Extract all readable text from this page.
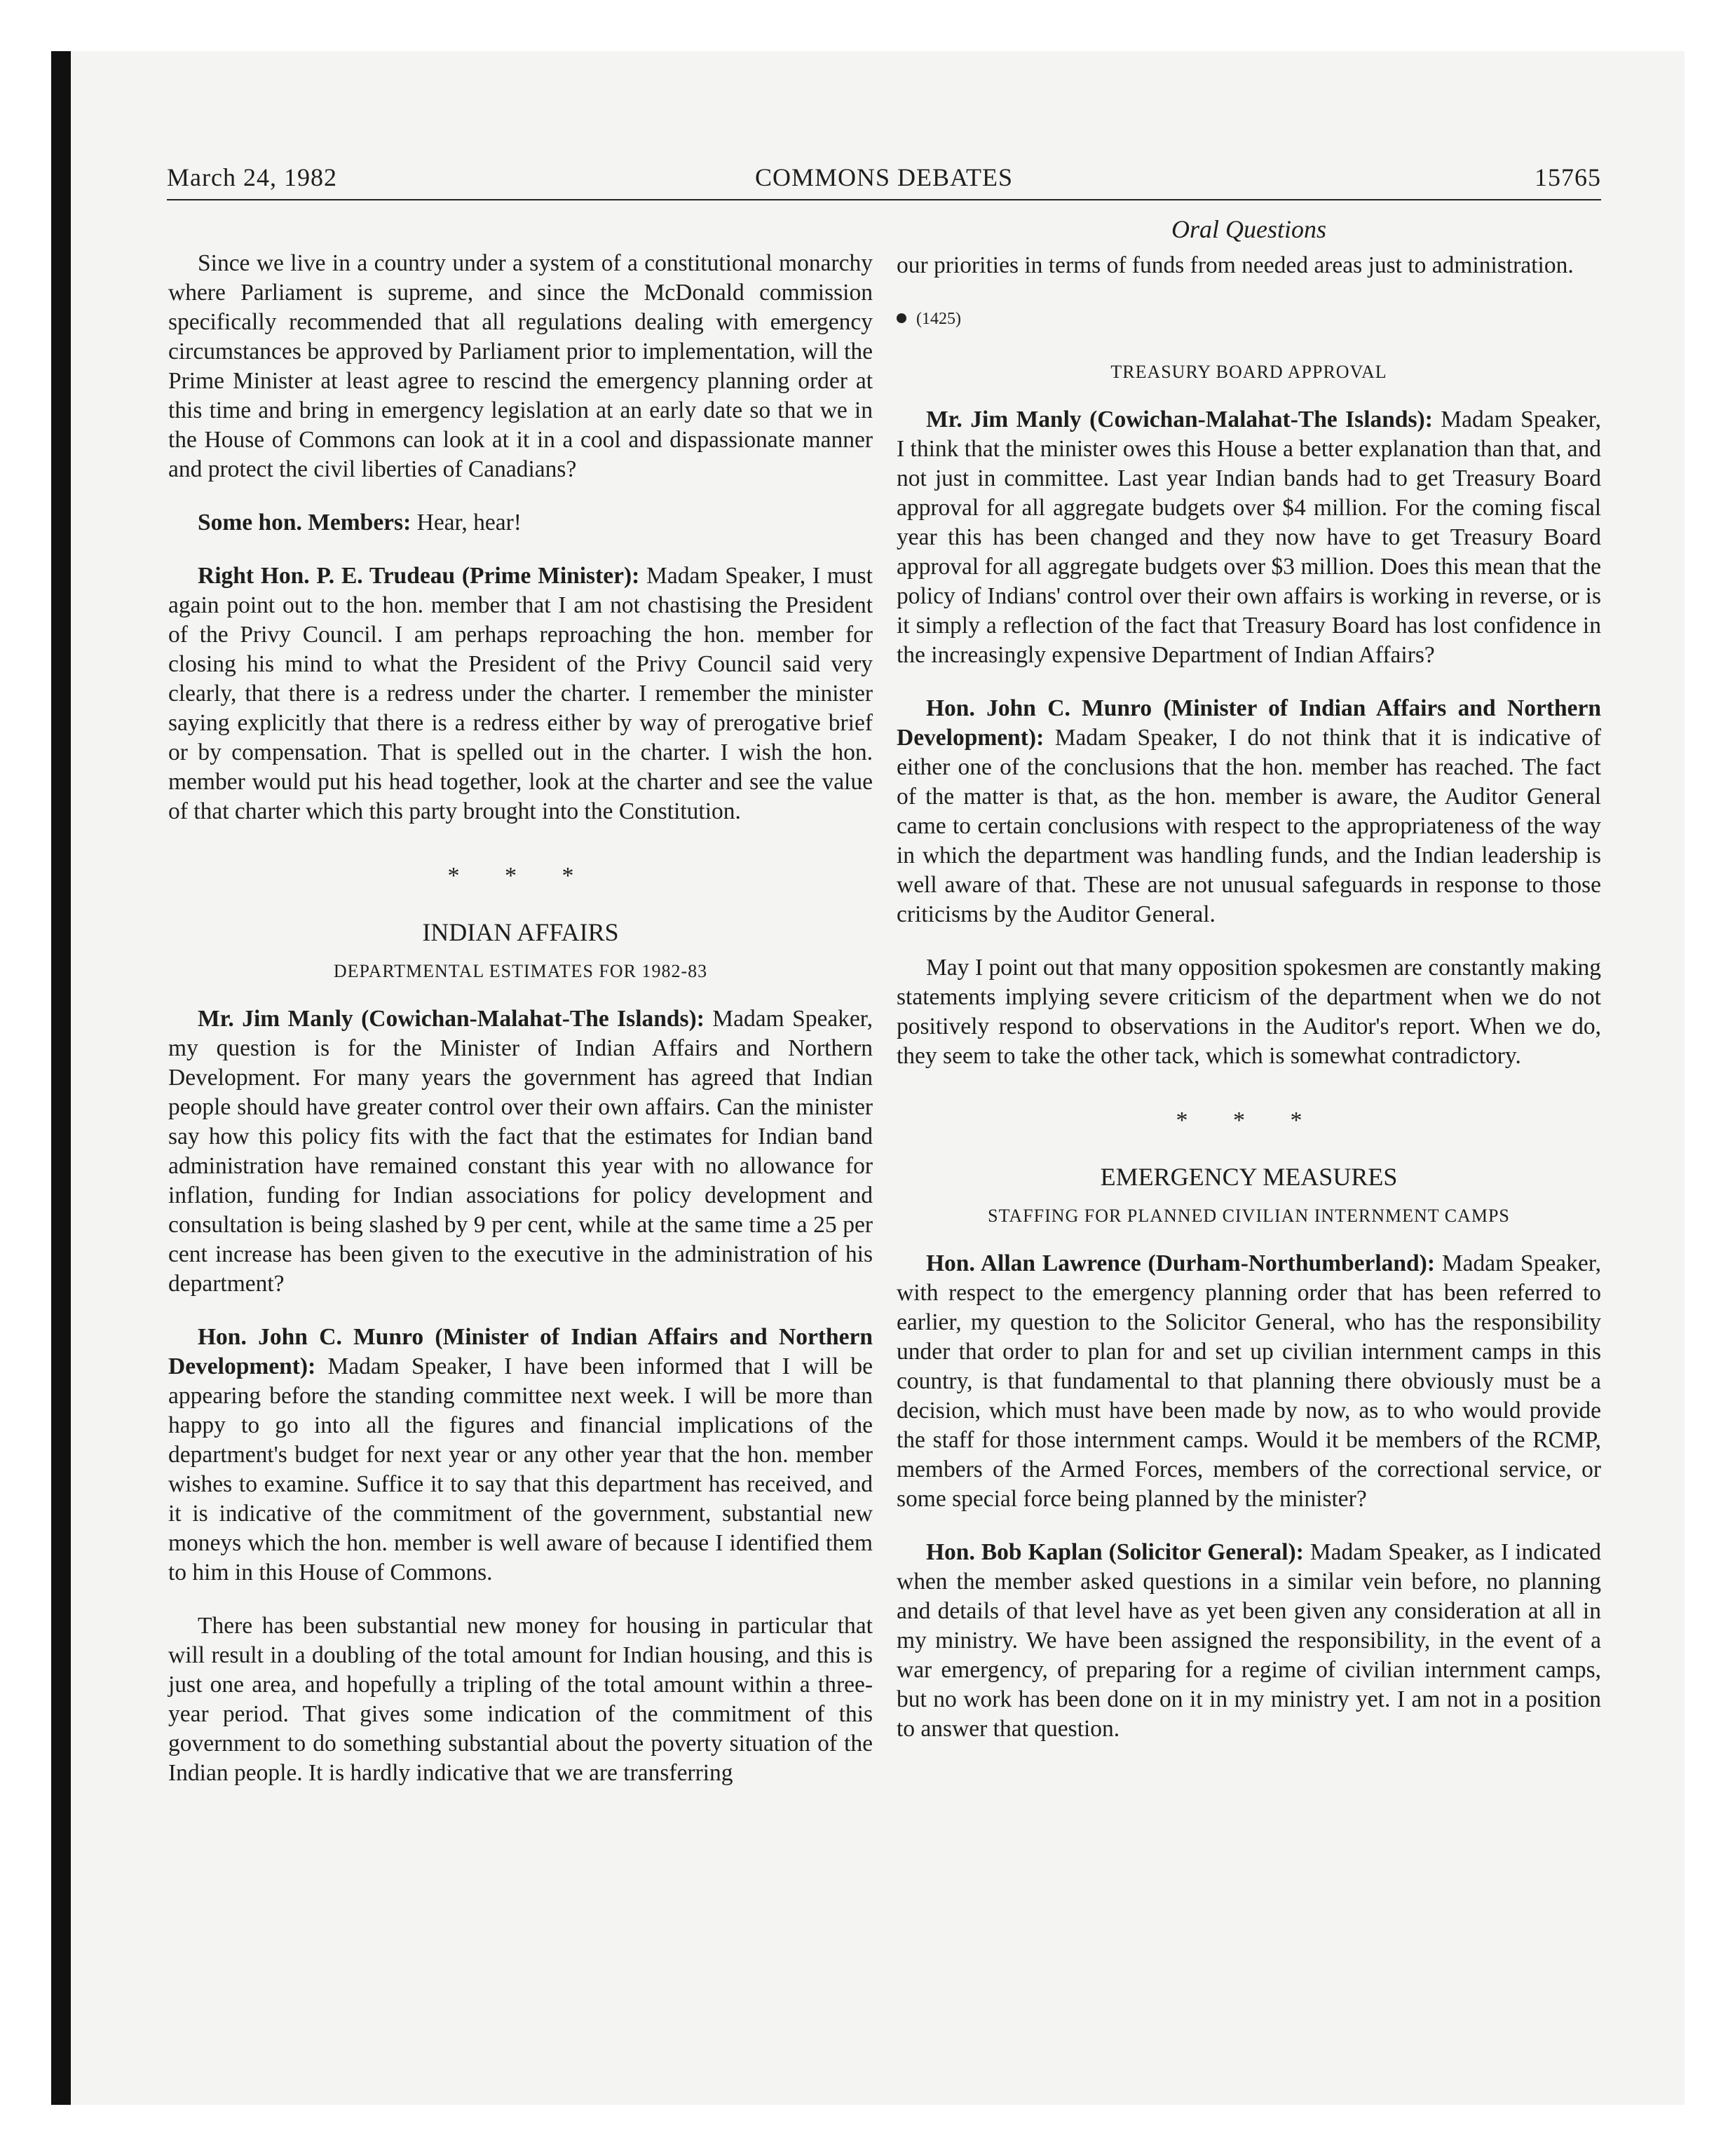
March 24, 1982	COMMONS DEBATES	15765
Oral Questions

Since we live in a country under a system of a constitutional monarchy where Parliament is supreme, and since the McDonald commission specifically recommended that all regulations dealing with emergency circumstances be approved by Parliament prior to implementation, will the Prime Minister at least agree to rescind the emergency planning order at this time and bring in emergency legislation at an early date so that we in the House of Commons can look at it in a cool and dispassionate manner and protect the civil liberties of Canadians?

Some hon. Members: Hear, hear!

Right Hon. P. E. Trudeau (Prime Minister): Madam Speaker, I must again point out to the hon. member that I am not chastising the President of the Privy Council. I am perhaps reproaching the hon. member for closing his mind to what the President of the Privy Council said very clearly, that there is a redress under the charter. I remember the minister saying explicitly that there is a redress either by way of prerogative brief or by compensation. That is spelled out in the charter. I wish the hon. member would put his head together, look at the charter and see the value of that charter which this party brought into the Constitution.

* * *
INDIAN AFFAIRS
DEPARTMENTAL ESTIMATES FOR 1982-83

Mr. Jim Manly (Cowichan-Malahat-The Islands): Madam Speaker, my question is for the Minister of Indian Affairs and Northern Development. For many years the government has agreed that Indian people should have greater control over their own affairs. Can the minister say how this policy fits with the fact that the estimates for Indian band administration have remained constant this year with no allowance for inflation, funding for Indian associations for policy development and consultation is being slashed by 9 per cent, while at the same time a 25 per cent increase has been given to the executive in the administration of his department?

Hon. John C. Munro (Minister of Indian Affairs and Northern Development): Madam Speaker, I have been informed that I will be appearing before the standing committee next week. I will be more than happy to go into all the figures and financial implications of the department's budget for next year or any other year that the hon. member wishes to examine. Suffice it to say that this department has received, and it is indicative of the commitment of the government, substantial new moneys which the hon. member is well aware of because I identified them to him in this House of Commons.

There has been substantial new money for housing in particular that will result in a doubling of the total amount for Indian housing, and this is just one area, and hopefully a tripling of the total amount within a three-year period. That gives some indication of the commitment of this government to do something substantial about the poverty situation of the Indian people. It is hardly indicative that we are transferring

our priorities in terms of funds from needed areas just to administration.

(1425)
TREASURY BOARD APPROVAL

Mr. Jim Manly (Cowichan-Malahat-The Islands): Madam Speaker, I think that the minister owes this House a better explanation than that, and not just in committee. Last year Indian bands had to get Treasury Board approval for all aggregate budgets over $4 million. For the coming fiscal year this has been changed and they now have to get Treasury Board approval for all aggregate budgets over $3 million. Does this mean that the policy of Indians' control over their own affairs is working in reverse, or is it simply a reflection of the fact that Treasury Board has lost confidence in the increasingly expensive Department of Indian Affairs?

Hon. John C. Munro (Minister of Indian Affairs and Northern Development): Madam Speaker, I do not think that it is indicative of either one of the conclusions that the hon. member has reached. The fact of the matter is that, as the hon. member is aware, the Auditor General came to certain conclusions with respect to the appropriateness of the way in which the department was handling funds, and the Indian leadership is well aware of that. These are not unusual safeguards in response to those criticisms by the Auditor General.

May I point out that many opposition spokesmen are constantly making statements implying severe criticism of the department when we do not positively respond to observations in the Auditor's report. When we do, they seem to take the other tack, which is somewhat contradictory.

* * *
EMERGENCY MEASURES
STAFFING FOR PLANNED CIVILIAN INTERNMENT CAMPS

Hon. Allan Lawrence (Durham-Northumberland): Madam Speaker, with respect to the emergency planning order that has been referred to earlier, my question to the Solicitor General, who has the responsibility under that order to plan for and set up civilian internment camps in this country, is that fundamental to that planning there obviously must be a decision, which must have been made by now, as to who would provide the staff for those internment camps. Would it be members of the RCMP, members of the Armed Forces, members of the correctional service, or some special force being planned by the minister?

Hon. Bob Kaplan (Solicitor General): Madam Speaker, as I indicated when the member asked questions in a similar vein before, no planning and details of that level have as yet been given any consideration at all in my ministry. We have been assigned the responsibility, in the event of a war emergency, of preparing for a regime of civilian internment camps, but no work has been done on it in my ministry yet. I am not in a position to answer that question.
